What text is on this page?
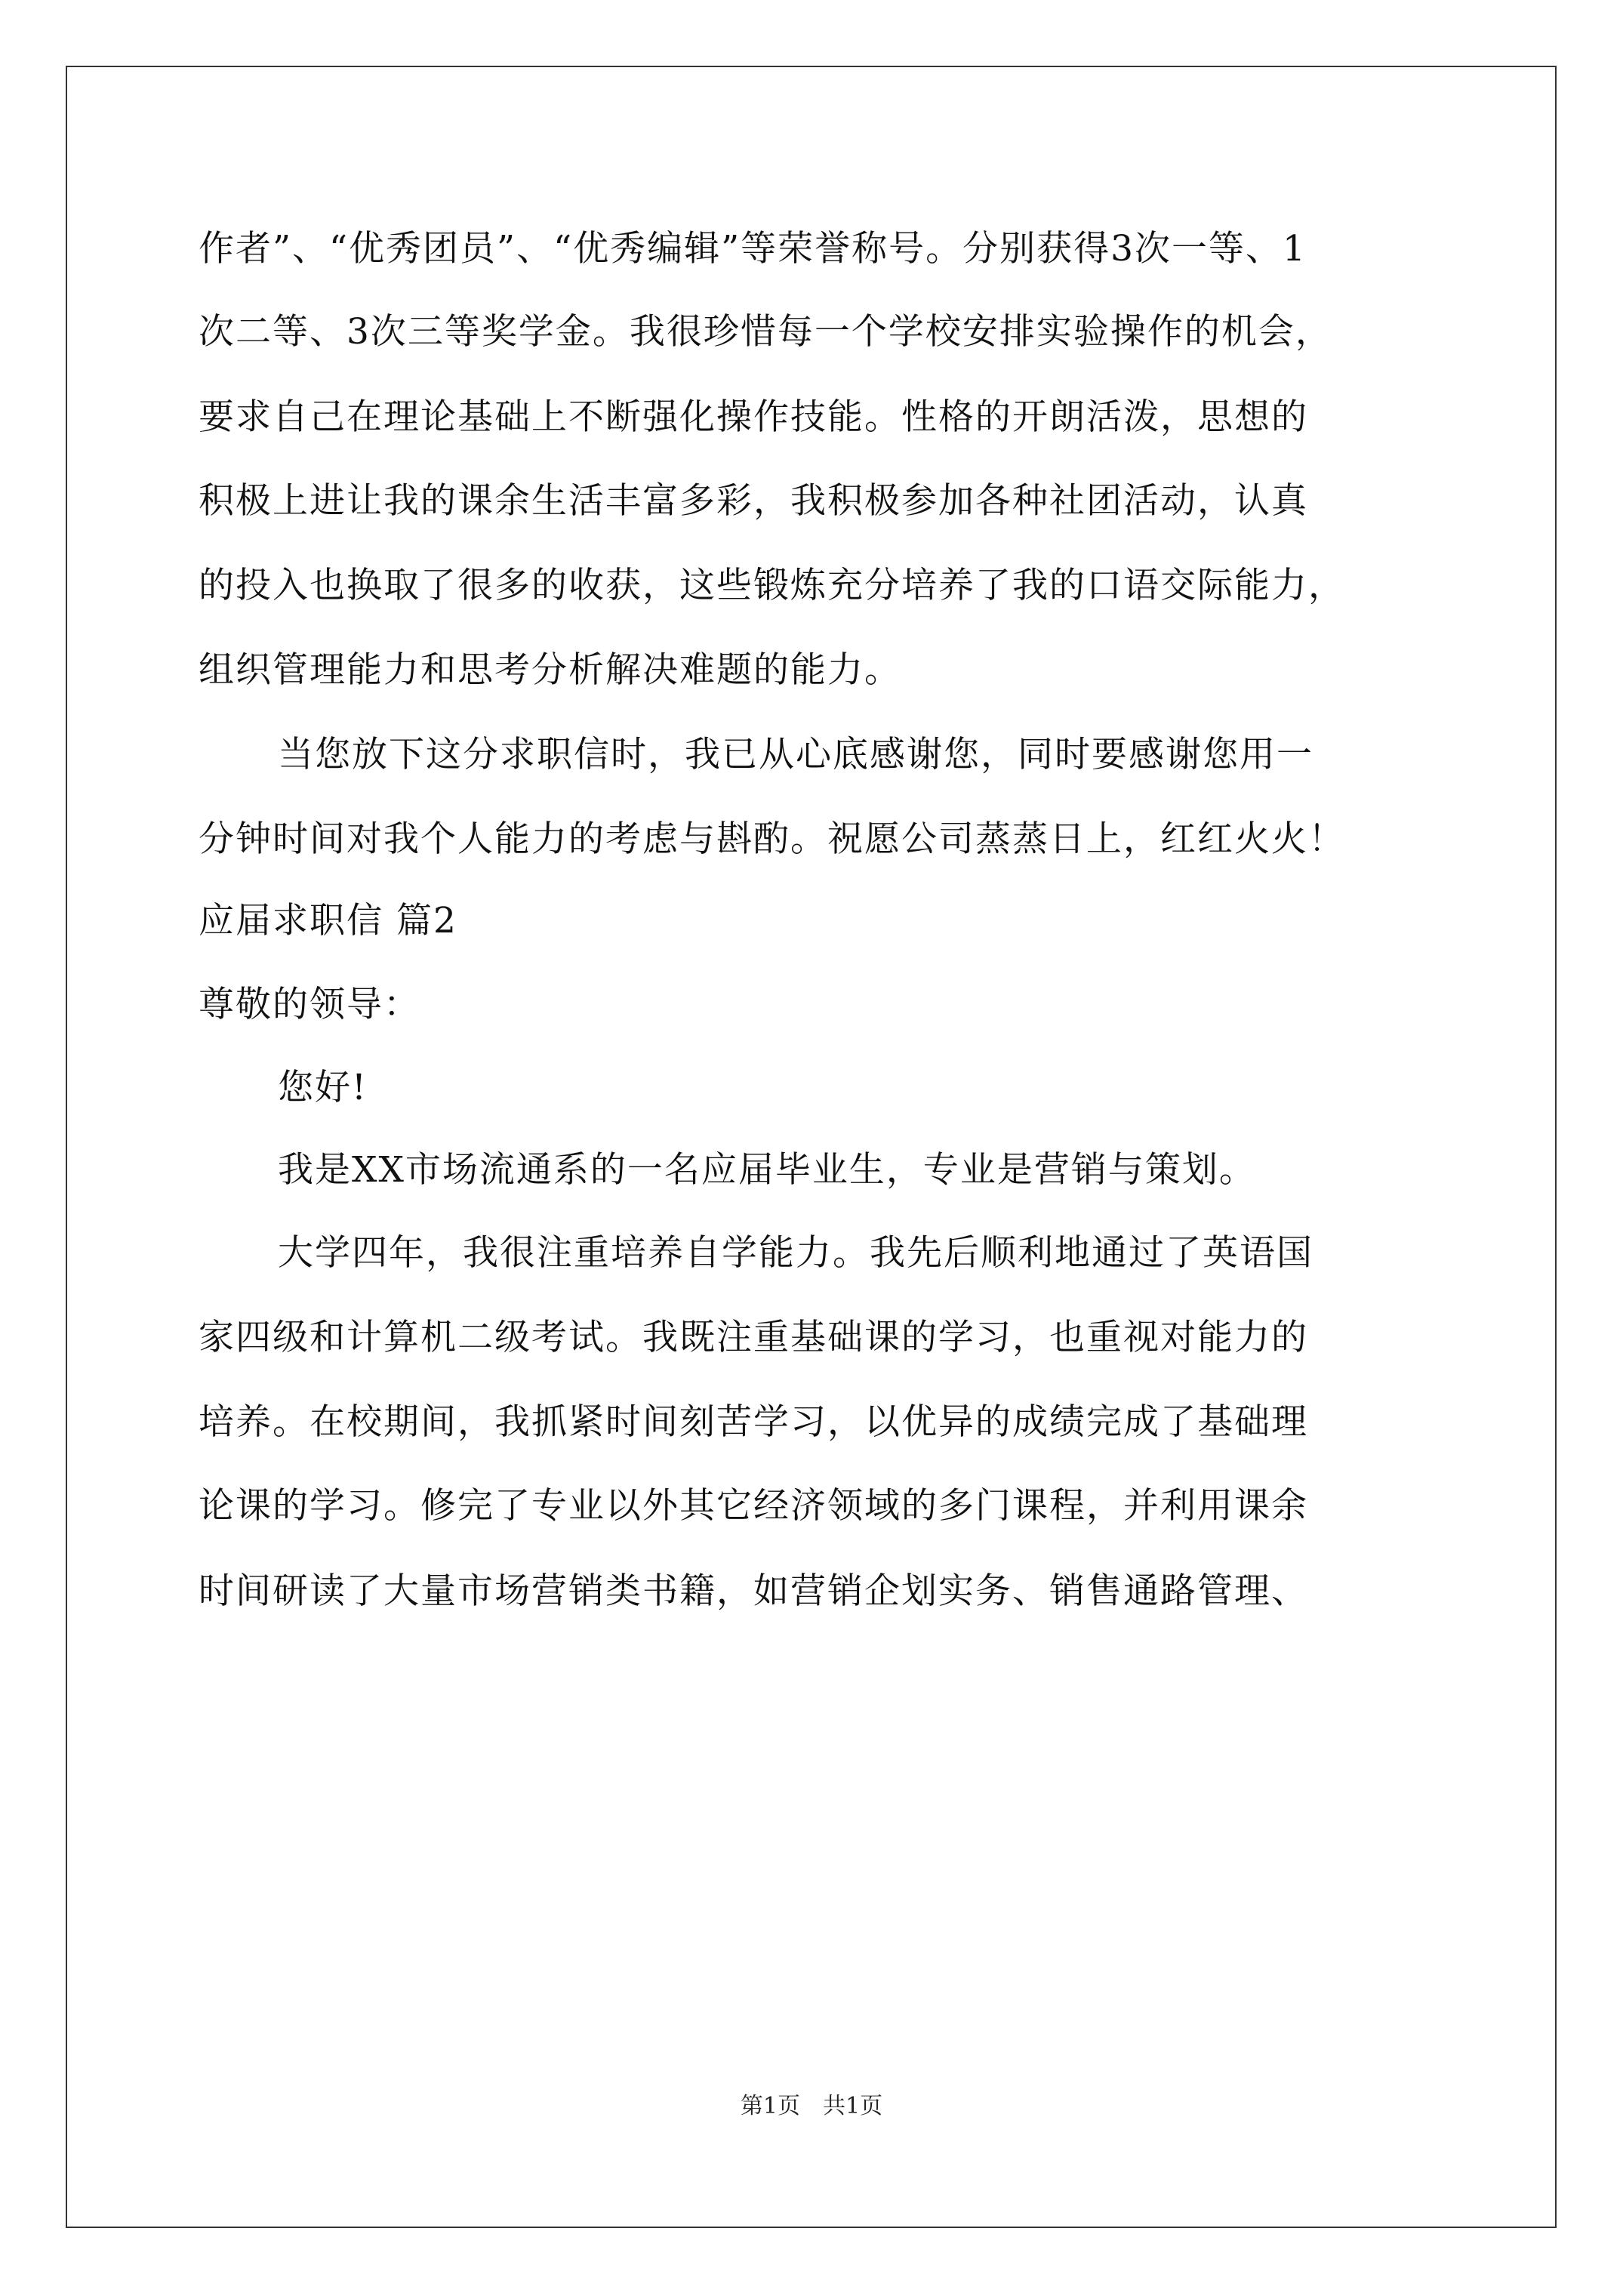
作者”、“优秀团员”、“优秀编辑”等荣誉称号。分别获得3次一等、1
次二等、3次三等奖学金。我很珍惜每一个学校安排实验操作的机会，
要求自己在理论基础上不断强化操作技能。性格的开朗活泼，思想的
积极上进让我的课余生活丰富多彩，我积极参加各种社团活动，认真
的投入也换取了很多的收获，这些锻炼充分培养了我的口语交际能力，
组织管理能力和思考分析解决难题的能力。
当您放下这分求职信时，我已从心底感谢您，同时要感谢您用一
分钟时间对我个人能力的考虑与斟酌。祝愿公司蒸蒸日上，红红火火！
应届求职信 篇2
尊敬的领导：
您好!
我是XX市场流通系的一名应届毕业生，专业是营销与策划。
大学四年，我很注重培养自学能力。我先后顺利地通过了英语国
家四级和计算机二级考试。我既注重基础课的学习，也重视对能力的
培养。在校期间，我抓紧时间刻苦学习，以优异的成绩完成了基础理
论课的学习。修完了专业以外其它经济领域的多门课程，并利用课余
时间研读了大量市场营销类书籍，如营销企划实务、销售通路管理、
第1页　共1页
